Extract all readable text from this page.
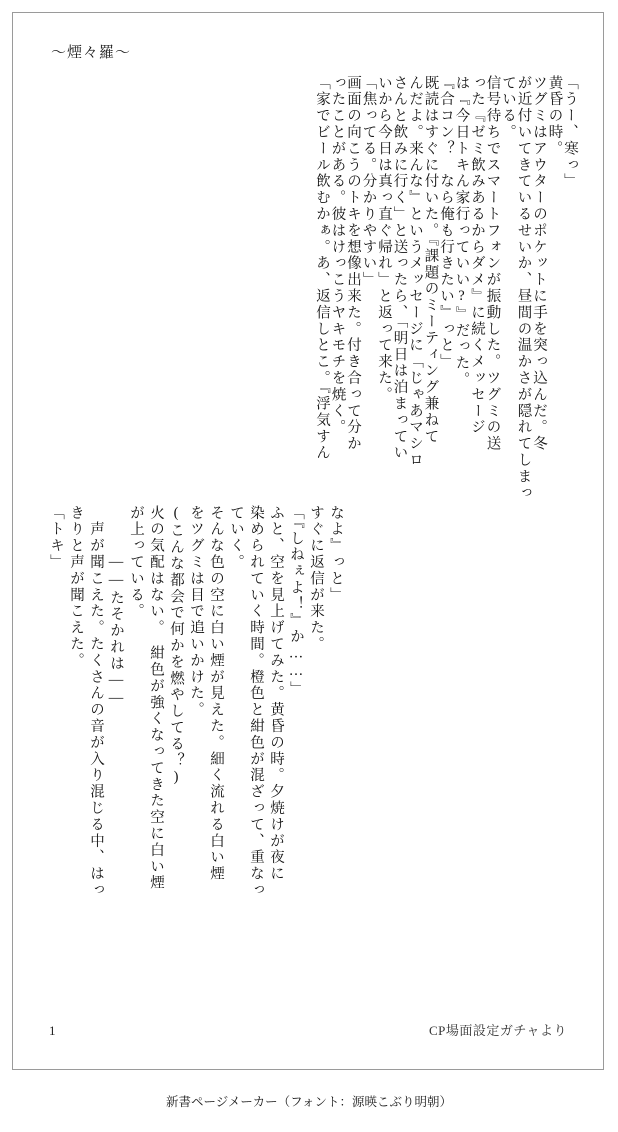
〜煙々羅〜
「うー、寒っ」
黄昏の時。
ツグミはアウターのポケットに手を突っ込んだ。冬
が近付いてきているせいか、昼間の温かさが隠れてしまっ
ている。
信号待ちでスマートフォンが振動した。ツグミの送
った『ゼミ飲みあるからダメ』に続くメッセージ
は『今日トキん家行っていい?』だった。
『合コン？　なら俺も行きたい』っと」
既読はすぐに付いた。『課題のミーティング兼ねて
んだよ。来んな』というメッセージに「じゃあマシロ
さんと飲みに行く」と送ったら、「明日は泊まってい
いから今日は真っ直ぐ帰れ」と返って来た。
「焦ってる。分かりやすい」
画面の向こうのトキを想像出来た。付き合って分か
ったことがある。彼はけっこうヤキモチを焼く。
「家でビール飲むかぁ。あ、返信しとこ。『浮気すん
なよ』っと」
すぐに返信が来た。
「『しねぇよ！』か……」
ふと、空を見上げてみた。黄昏の時。夕焼けが夜に
染められていく時間。橙色と紺色が混ざって、重なっ
ていく。
そんな色の空に白い煙が見えた。細く流れる白い煙
をツグミは目で追いかけた。
(こんな都会で何かを燃やしてる？)
火の気配はない。　紺色が強くなってきた空に白い煙
が上っている。
　　　——たそかれは——
　声が聞こえた。たくさんの音が入り混じる中、はっ
きりと声が聞こえた。
「トキ」
1	CP場面設定ガチャより
新書ページメーカー（フォント：源暎こぶり明朝）
